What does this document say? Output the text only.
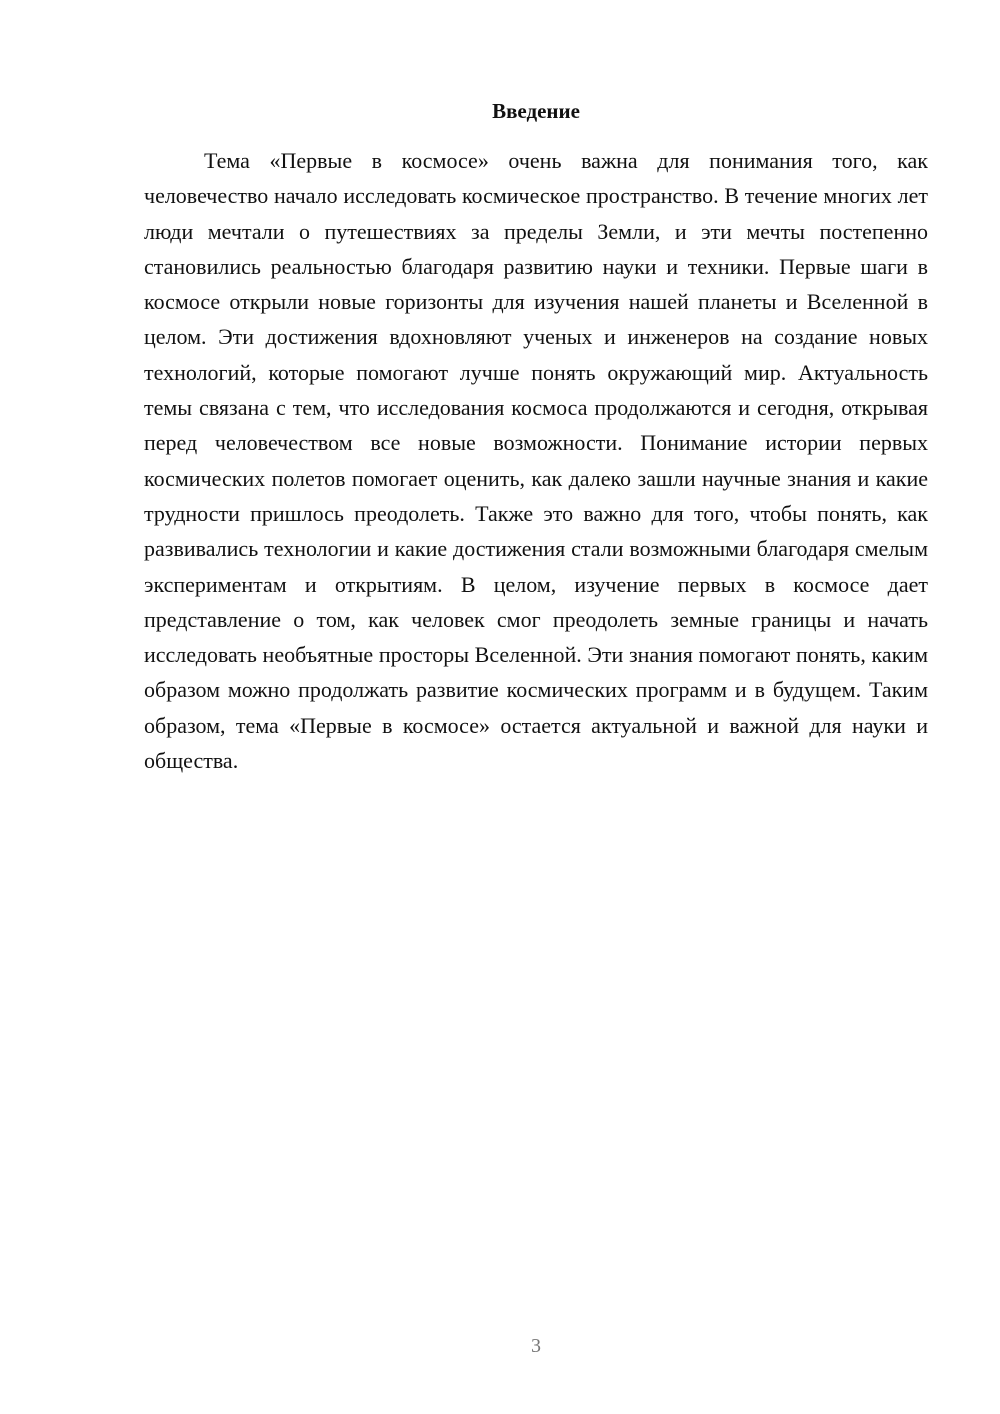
Введение

Тема «Первые в космосе» очень важна для понимания того, как человечество начало исследовать космическое пространство. В течение многих лет люди мечтали о путешествиях за пределы Земли, и эти мечты постепенно становились реальностью благодаря развитию науки и техники. Первые шаги в космосе открыли новые горизонты для изучения нашей планеты и Вселенной в целом. Эти достижения вдохновляют ученых и инженеров на создание новых технологий, которые помогают лучше понять окружающий мир. Актуальность темы связана с тем, что исследования космоса продолжаются и сегодня, открывая перед человечеством все новые возможности. Понимание истории первых космических полетов помогает оценить, как далеко зашли научные знания и какие трудности пришлось преодолеть. Также это важно для того, чтобы понять, как развивались технологии и какие достижения стали возможными благодаря смелым экспериментам и открытиям. В целом, изучение первых в космосе дает представление о том, как человек смог преодолеть земные границы и начать исследовать необъятные просторы Вселенной. Эти знания помогают понять, каким образом можно продолжать развитие космических программ и в будущем. Таким образом, тема «Первые в космосе» остается актуальной и важной для науки и общества.

3
